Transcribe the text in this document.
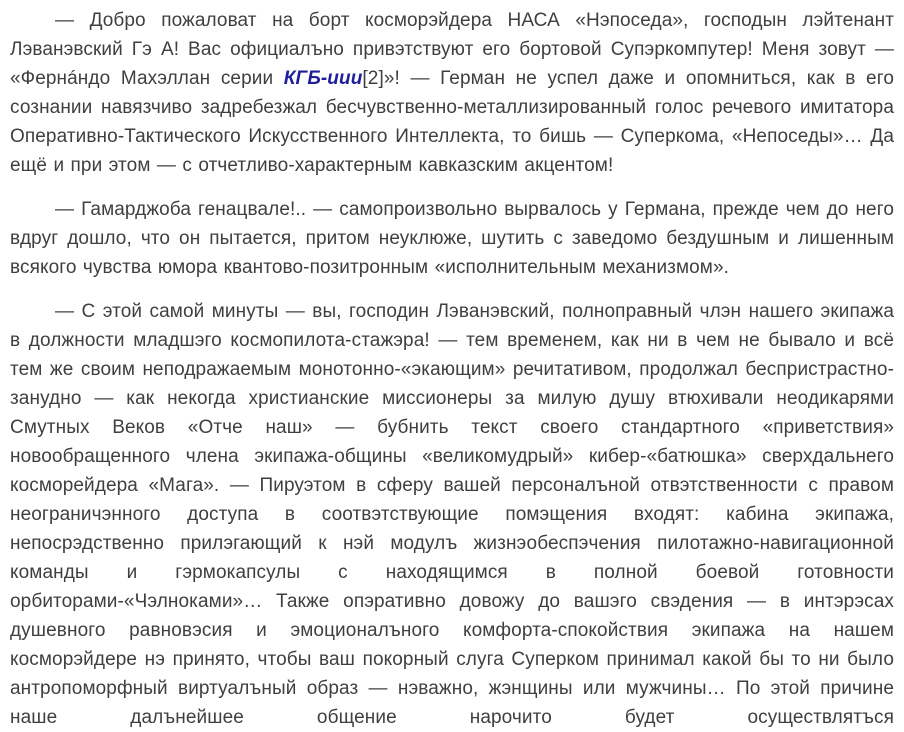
— Добро пожаловат на борт косморэйдера НАСА «Нэпоседа», господын лэйтенант Лэванэвский Гэ А! Вас официалъно привэтствуют его бортовой Супэркомпутер! Меня зовут — «Фернáндо Махэллан серии КГБ-иии[2]»! — Герман не успел даже и опомниться, как в его сознании навязчиво задребезжал бесчувственно-металлизированный голос речевого имитатора Оперативно-Тактического Искусственного Интеллекта, то бишь — Суперкома, «Непоседы»… Да ещё и при этом — с отчетливо-характерным кавказским акцентом!

— Гамарджоба генацвале!.. — самопроизвольно вырвалось у Германа, прежде чем до него вдруг дошло, что он пытается, притом неуклюже, шутить с заведомо бездушным и лишенным всякого чувства юмора квантово-позитронным «исполнительным механизмом».

— С этой самой минуты — вы, господин Лэванэвский, полноправный члэн нашего экипажа в должности младшэго космопилота-стажэра! — тем временем, как ни в чем не бывало и всё тем же своим неподражаемым монотонно-«экающим» речитативом, продолжал беспристрастно-занудно — как некогда христианские миссионеры за милую душу втюхивали неодикарями Смутных Веков «Отче наш» — бубнить текст своего стандартного «приветствия» новообращенного члена экипажа-общины «великомудрый» кибер-«батюшка» сверхдальнего косморейдера «Мага». — Пируэтом в сферу вашей персоналъной отвэтственности с правом неограничэнного доступа в соотвэтствующие помэщения входят: кабина экипажа, непосрэдственно прилэгающий к нэй модулъ жизнэобеспэчения пилотажно-навигационной команды и гэрмокапсулы с находящимся в полной боевой готовности орбиторами-«Чэлноками»… Также опэративно довожу до вашэго свэдения — в интэрэсах душевного равновэсия и эмоционалъного комфорта-спокойствия экипажа на нашем косморэйдере нэ принято, чтобы ваш покорный слуга Суперком принимал какой бы то ни было антропоморфный виртуалъный образ — нэважно, жэнщины или мужчины… По этой причине наше далънейшее общение нарочито будет осуществлятъся
